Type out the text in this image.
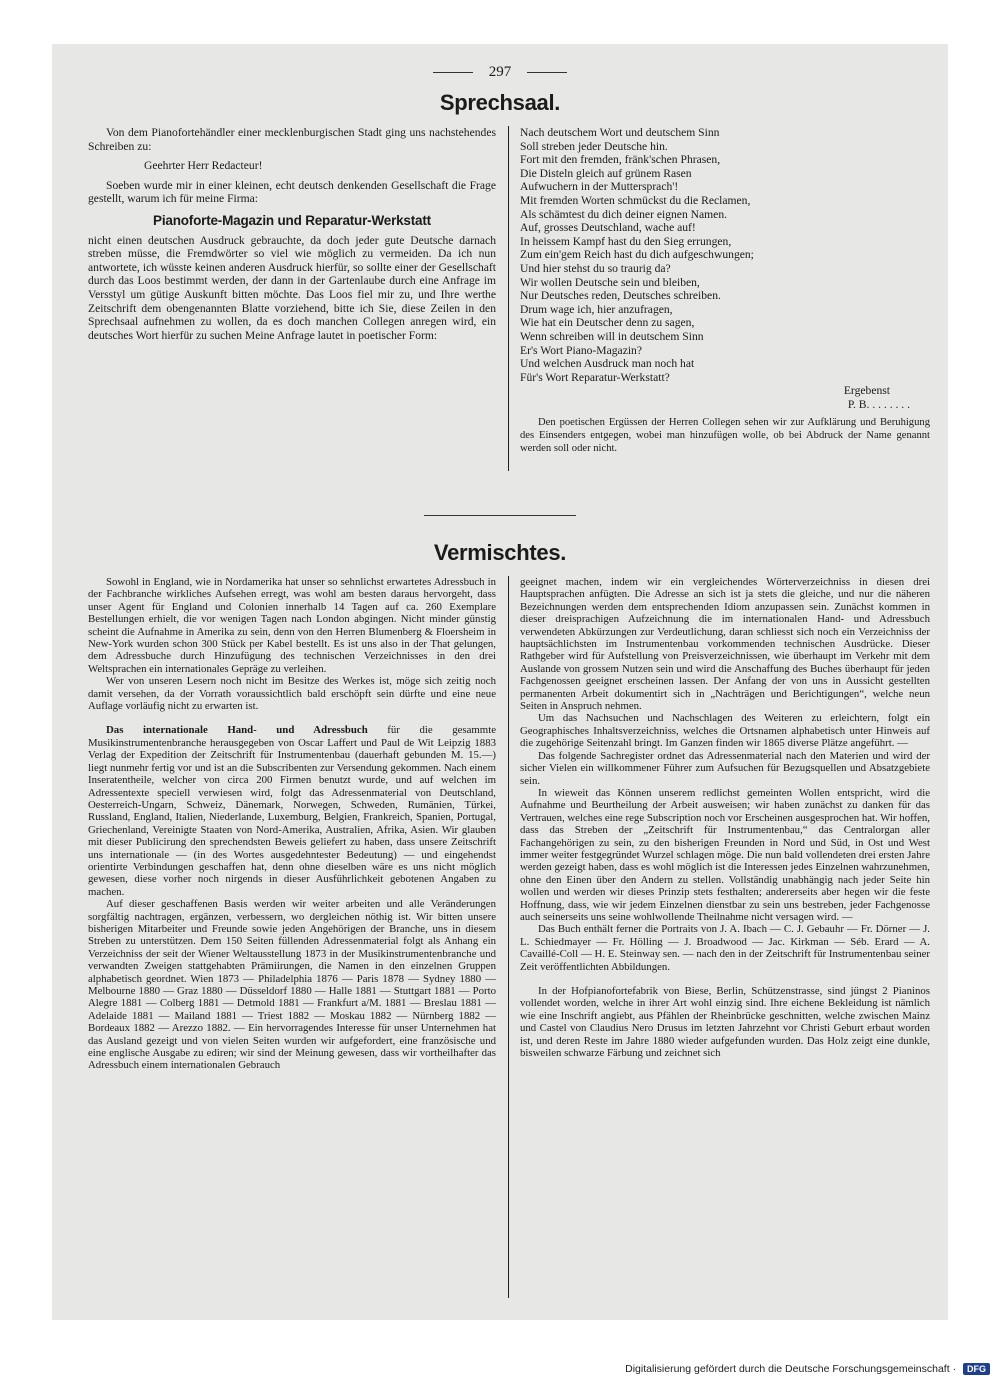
297
Sprechsaal.

Von dem Pianofortehändler einer mecklenburgischen Stadt ging uns nachstehendes Schreiben zu:

Geehrter Herr Redacteur!

Soeben wurde mir in einer kleinen, echt deutsch denkenden Gesellschaft die Frage gestellt, warum ich für meine Firma:

Pianoforte-Magazin und Reparatur-Werkstatt

nicht einen deutschen Ausdruck gebrauchte, da doch jeder gute Deutsche darnach streben müsse, die Fremdwörter so viel wie möglich zu vermeiden. Da ich nun antwortete, ich wüsste keinen anderen Ausdruck hierfür, so sollte einer der Gesellschaft durch das Loos bestimmt werden, der dann in der Gartenlaube durch eine Anfrage im Versstyl um gütige Auskunft bitten möchte. Das Loos fiel mir zu, und Ihre werthe Zeitschrift dem obengenannten Blatte vorziehend, bitte ich Sie, diese Zeilen in den Sprechsaal aufnehmen zu wollen, da es doch manchen Collegen anregen wird, ein deutsches Wort hierfür zu suchen Meine Anfrage lautet in poetischer Form:

Nach deutschem Wort und deutschem Sinn

Soll streben jeder Deutsche hin.

Fort mit den fremden, fränk'schen Phrasen,

Die Disteln gleich auf grünem Rasen

Aufwuchern in der Muttersprach'!

Mit fremden Worten schmückst du die Reclamen,

Als schämtest du dich deiner eignen Namen.

Auf, grosses Deutschland, wache auf!

In heissem Kampf hast du den Sieg errungen,

Zum ein'gem Reich hast du dich aufgeschwungen;

Und hier stehst du so traurig da?

Wir wollen Deutsche sein und bleiben,

Nur Deutsches reden, Deutsches schreiben.

Drum wage ich, hier anzufragen,

Wie hat ein Deutscher denn zu sagen,

Wenn schreiben will in deutschem Sinn

Er's Wort Piano-Magazin?

Und welchen Ausdruck man noch hat

Für's Wort Reparatur-Werkstatt?

Ergebenst

P. B. . . . . . . .

Den poetischen Ergüssen der Herren Collegen sehen wir zur Aufklärung und Beruhigung des Einsenders entgegen, wobei man hinzufügen wolle, ob bei Abdruck der Name genannt werden soll oder nicht.

Vermischtes.

Sowohl in England, wie in Nordamerika hat unser so sehnlichst erwartetes Adressbuch in der Fachbranche wirkliches Aufsehen erregt, was wohl am besten daraus hervorgeht, dass unser Agent für England und Colonien innerhalb 14 Tagen auf ca. 260 Exemplare Bestellungen erhielt, die vor wenigen Tagen nach London abgingen. Nicht minder günstig scheint die Aufnahme in Amerika zu sein, denn von den Herren Blumenberg & Floersheim in New-York wurden schon 300 Stück per Kabel bestellt. Es ist uns also in der That gelungen, dem Adressbuche durch Hinzufügung des technischen Verzeichnisses in den drei Weltsprachen ein internationales Gepräge zu verleihen.

Wer von unseren Lesern noch nicht im Besitze des Werkes ist, möge sich zeitig noch damit versehen, da der Vorrath voraussichtlich bald erschöpft sein dürfte und eine neue Auflage vorläufig nicht zu erwarten ist.

Das internationale Hand- und Adressbuch für die gesammte Musikinstrumentenbranche herausgegeben von Oscar Laffert und Paul de Wit Leipzig 1883 Verlag der Expedition der Zeitschrift für Instrumentenbau (dauerhaft gebunden M. 15.—) liegt nunmehr fertig vor und ist an die Subscribenten zur Versendung gekommen. Nach einem Inseratentheile, welcher von circa 200 Firmen benutzt wurde, und auf welchen im Adressentexte speciell verwiesen wird, folgt das Adressenmaterial von Deutschland, Oesterreich-Ungarn, Schweiz, Dänemark, Norwegen, Schweden, Rumänien, Türkei, Russland, England, Italien, Niederlande, Luxemburg, Belgien, Frankreich, Spanien, Portugal, Griechenland, Vereinigte Staaten von Nord-Amerika, Australien, Afrika, Asien. Wir glauben mit dieser Publicirung den sprechendsten Beweis geliefert zu haben, dass unsere Zeitschrift uns internationale — (in des Wortes ausgedehntester Bedeutung) — und eingehendst orientirte Verbindungen geschaffen hat, denn ohne dieselben wäre es uns nicht möglich gewesen, diese vorher noch nirgends in dieser Ausführlichkeit gebotenen Angaben zu machen.

Auf dieser geschaffenen Basis werden wir weiter arbeiten und alle Veränderungen sorgfältig nachtragen, ergänzen, verbessern, wo dergleichen nöthig ist. Wir bitten unsere bisherigen Mitarbeiter und Freunde sowie jeden Angehörigen der Branche, uns in diesem Streben zu unterstützen. Dem 150 Seiten füllenden Adressenmaterial folgt als Anhang ein Verzeichniss der seit der Wiener Weltausstellung 1873 in der Musikinstrumentenbranche und verwandten Zweigen stattgehabten Prämiirungen, die Namen in den einzelnen Gruppen alphabetisch geordnet. Wien 1873 — Philadelphia 1876 — Paris 1878 — Sydney 1880 — Melbourne 1880 — Graz 1880 — Düsseldorf 1880 — Halle 1881 — Stuttgart 1881 — Porto Alegre 1881 — Colberg 1881 — Detmold 1881 — Frankfurt a/M. 1881 — Breslau 1881 — Adelaide 1881 — Mailand 1881 — Triest 1882 — Moskau 1882 — Nürnberg 1882 — Bordeaux 1882 — Arezzo 1882. — Ein hervorragendes Interesse für unser Unternehmen hat das Ausland gezeigt und von vielen Seiten wurden wir aufgefordert, eine französische und eine englische Ausgabe zu ediren; wir sind der Meinung gewesen, dass wir vortheilhafter das Adressbuch einem internationalen Gebrauch

geeignet machen, indem wir ein vergleichendes Wörterverzeichniss in diesen drei Hauptsprachen anfügten. Die Adresse an sich ist ja stets die gleiche, und nur die näheren Bezeichnungen werden dem entsprechenden Idiom anzupassen sein. Zunächst kommen in dieser dreisprachigen Aufzeichnung die im internationalen Hand- und Adressbuch verwendeten Abkürzungen zur Verdeutlichung, daran schliesst sich noch ein Verzeichniss der hauptsächlichsten im Instrumentenbau vorkommenden technischen Ausdrücke. Dieser Rathgeber wird für Aufstellung von Preisverzeichnissen, wie überhaupt im Verkehr mit dem Auslande von grossem Nutzen sein und wird die Anschaffung des Buches überhaupt für jeden Fachgenossen geeignet erscheinen lassen. Der Anfang der von uns in Aussicht gestellten permanenten Arbeit dokumentirt sich in „Nachträgen und Berichtigungen“, welche neun Seiten in Anspruch nehmen.

Um das Nachsuchen und Nachschlagen des Weiteren zu erleichtern, folgt ein Geographisches Inhaltsverzeichniss, welches die Ortsnamen alphabetisch unter Hinweis auf die zugehörige Seitenzahl bringt. Im Ganzen finden wir 1865 diverse Plätze angeführt. —

Das folgende Sachregister ordnet das Adressenmaterial nach den Materien und wird der sicher Vielen ein willkommener Führer zum Aufsuchen für Bezugsquellen und Absatzgebiete sein.

In wieweit das Können unserem redlichst gemeinten Wollen entspricht, wird die Aufnahme und Beurtheilung der Arbeit ausweisen; wir haben zunächst zu danken für das Vertrauen, welches eine rege Subscription noch vor Erscheinen ausgesprochen hat. Wir hoffen, dass das Streben der „Zeitschrift für Instrumentenbau,“ das Centralorgan aller Fachangehörigen zu sein, zu den bisherigen Freunden in Nord und Süd, in Ost und West immer weiter festgegründet Wurzel schlagen möge. Die nun bald vollendeten drei ersten Jahre werden gezeigt haben, dass es wohl möglich ist die Interessen jedes Einzelnen wahrzunehmen, ohne den Einen über den Andern zu stellen. Vollständig unabhängig nach jeder Seite hin wollen und werden wir dieses Prinzip stets festhalten; andererseits aber hegen wir die feste Hoffnung, dass, wie wir jedem Einzelnen dienstbar zu sein uns bestreben, jeder Fachgenosse auch seinerseits uns seine wohlwollende Theilnahme nicht versagen wird. —

Das Buch enthält ferner die Portraits von J. A. Ibach — C. J. Gebauhr — Fr. Dörner — J. L. Schiedmayer — Fr. Hölling — J. Broadwood — Jac. Kirkman — Séb. Erard — A. Cavaillé-Coll — H. E. Steinway sen. — nach den in der Zeitschrift für Instrumentenbau seiner Zeit veröffentlichten Abbildungen.

In der Hofpianofortefabrik von Biese, Berlin, Schützenstrasse, sind jüngst 2 Pianinos vollendet worden, welche in ihrer Art wohl einzig sind. Ihre eichene Bekleidung ist nämlich wie eine Inschrift angiebt, aus Pfählen der Rheinbrücke geschnitten, welche zwischen Mainz und Castel von Claudius Nero Drusus im letzten Jahrzehnt vor Christi Geburt erbaut worden ist, und deren Reste im Jahre 1880 wieder aufgefunden wurden. Das Holz zeigt eine dunkle, bisweilen schwarze Färbung und zeichnet sich

Digitalisierung gefördert durch die Deutsche Forschungsgemeinschaft · DFG
